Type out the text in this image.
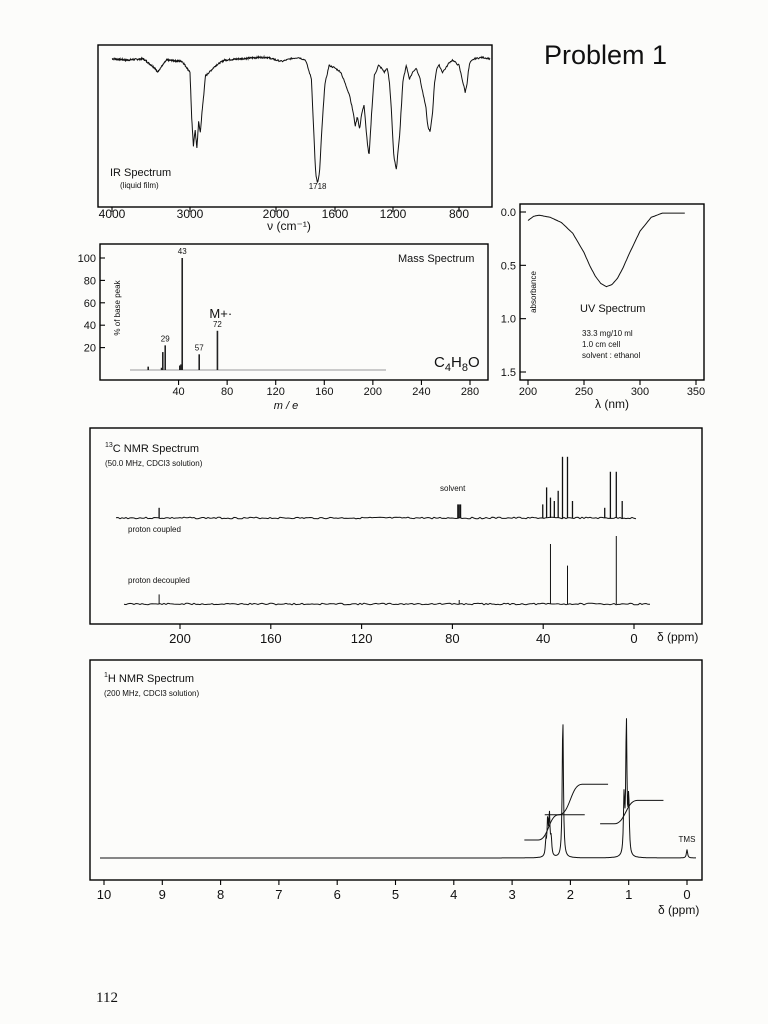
Problem 1
112
4000	3000	2000	1600	1200	800
IR Spectrum
(liquid film)	1718
ν (cm⁻¹)
40	80	120	160	200	240	280
100
80
60
40
20
29
43
57
72
Mass Spectrum
% of base peak	M+·
$C_4H_8O$
m / e
200	250	300	350
0.0
0.5
1.0
1.5
UV Spectrum
absorbance
33.3 mg/10 ml
1.0 cm cell
solvent : ethanol
λ (nm)
$^{13}$C NMR Spectrum
(50.0 MHz, CDCl3 solution)
proton coupled
proton decoupled
solvent
200	160	120	80	40	0 δ (ppm)
$^1$H NMR Spectrum
(200 MHz, CDCl3 solution)
TMS
10	9	8	7	6	5	4	3	2	1	0
δ (ppm)
